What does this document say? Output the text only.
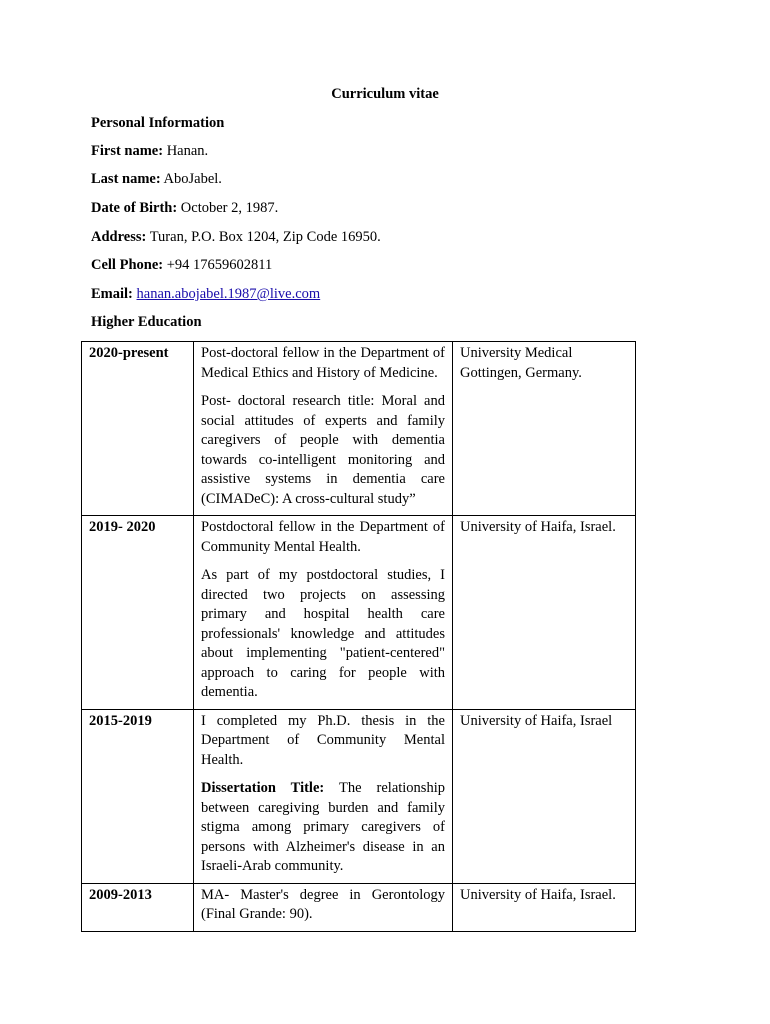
Curriculum vitae
Personal Information
First name: Hanan.
Last name: AboJabel.
Date of Birth: October 2, 1987.
Address: Turan, P.O. Box 1204, Zip Code 16950.
Cell Phone: +94 17659602811
Email: hanan.abojabel.1987@live.com
Higher Education
2020-present	Post-doctoral fellow in the Department of Medical Ethics and History of Medicine.

Post- doctoral research title: Moral and social attitudes of experts and family caregivers of people with dementia towards co-intelligent monitoring and assistive systems in dementia care (CIMADeC): A cross-cultural study”	University Medical Gottingen, Germany.
2019- 2020	Postdoctoral fellow in the Department of Community Mental Health.

As part of my postdoctoral studies, I directed two projects on assessing primary and hospital health care professionals' knowledge and attitudes about implementing "patient-centered" approach to caring for people with dementia.	University of Haifa, Israel.
2015-2019	I completed my Ph.D. thesis in the Department of Community Mental Health.

Dissertation Title: The relationship between caregiving burden and family stigma among primary caregivers of persons with Alzheimer's disease in an Israeli-Arab community.	University of Haifa, Israel
2009-2013	MA- Master's degree in Gerontology (Final Grande: 90).	University of Haifa, Israel.
